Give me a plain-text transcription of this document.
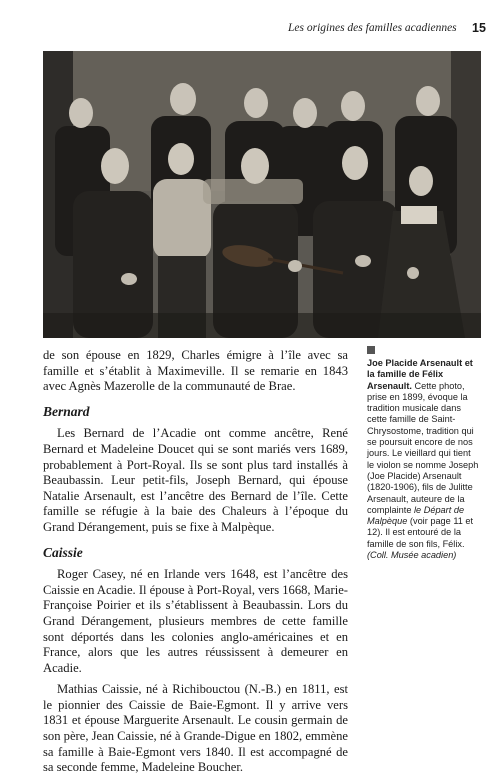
Les origines des familles acadiennes 15

de son épouse en 1829, Charles émigre à l’île avec sa famille et s’établit à Maximeville. Il se remarie en 1843 avec Agnès Mazerolle de la communauté de Brae.

Bernard

Les Bernard de l’Acadie ont comme ancêtre, René Bernard et Madeleine Doucet qui se sont mariés vers 1689, probablement à Port-Royal. Ils se sont plus tard installés à Beaubassin. Leur petit-fils, Joseph Bernard, qui épouse Natalie Arsenault, est l’ancêtre des Bernard de l’île. Cette famille se réfugie à la baie des Chaleurs à l’époque du Grand Dérangement, puis se fixe à Malpèque.

Caissie

Roger Casey, né en Irlande vers 1648, est l’ancêtre des Caissie en Acadie. Il épouse à Port-Royal, vers 1668, Marie-Françoise Poirier et ils s’établissent à Beaubassin. Lors du Grand Dérangement, plusieurs membres de cette famille sont déportés dans les colonies anglo-américaines et en France, alors que les autres réussissent à demeurer en Acadie.

Mathias Caissie, né à Richibouctou (N.-B.) en 1811, est le pionnier des Caissie de Baie-Egmont. Il y arrive vers 1831 et épouse Marguerite Arsenault. Le cousin germain de son père, Jean Caissie, né à Grande-Digue en 1802, emmène sa famille à Baie-Egmont vers 1840. Il est accompagné de sa seconde femme, Madeleine Boucher.

Joe Placide Arsenault et la famille de Félix Arsenault. Cette photo, prise en 1899, évoque la tradition musicale dans cette famille de Saint-Chrysostome, tradition qui se poursuit encore de nos jours. Le vieillard qui tient le violon se nomme Joseph (Joe Placide) Arsenault (1820-1906), fils de Julitte Arsenault, auteure de la complainte le Départ de Malpèque (voir page 11 et 12). Il est entouré de la famille de son fils, Félix. (Coll. Musée acadien)
